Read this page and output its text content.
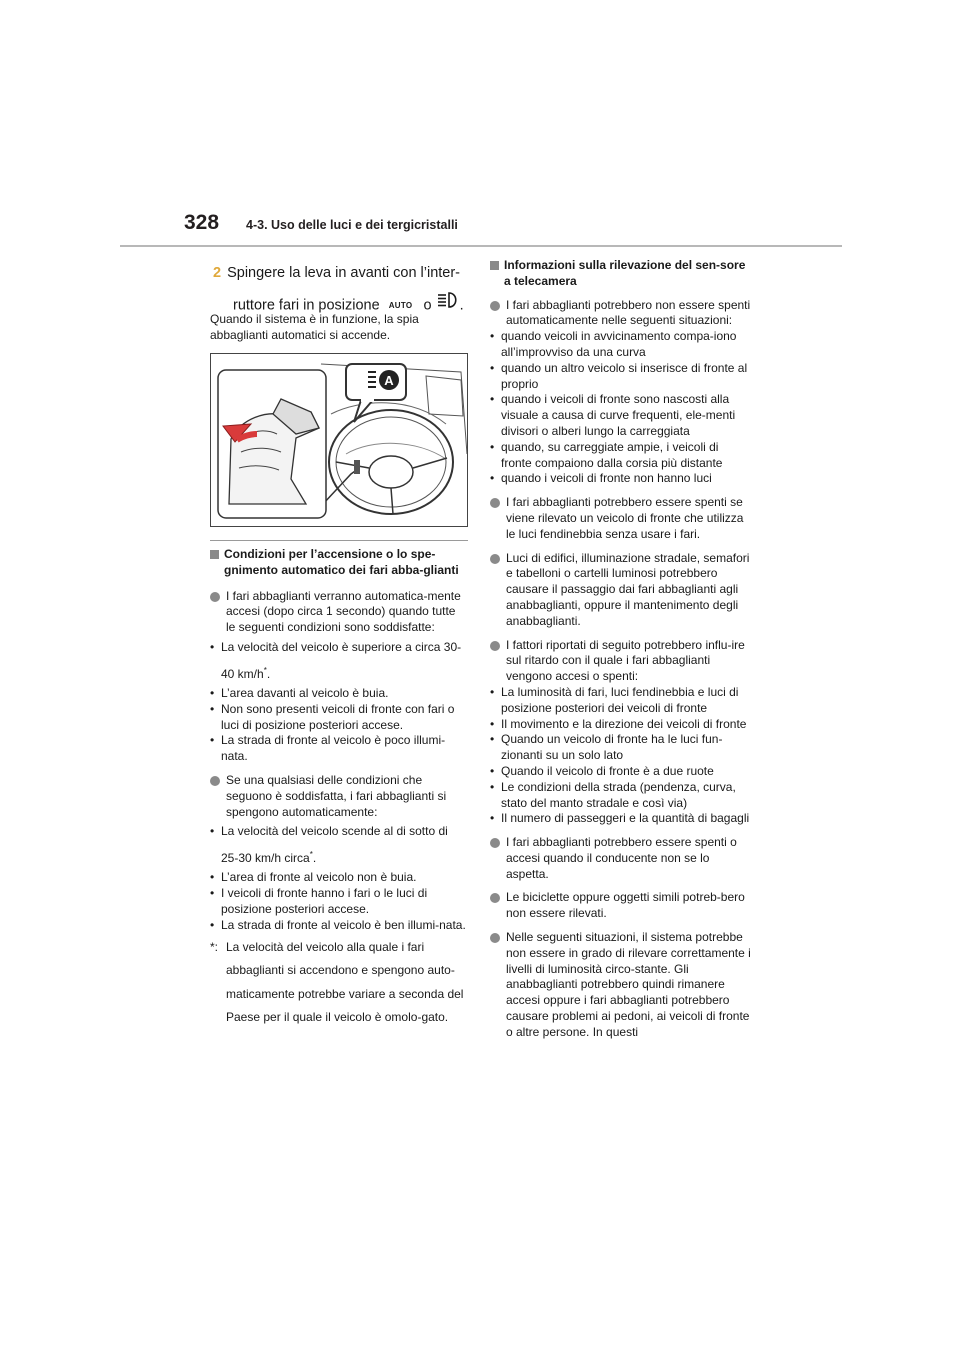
328 4-3. Uso delle luci e dei tergicristalli
2 Spingere la leva in avanti con l’inter-
ruttore fari in posizione AUTO o .
Quando il sistema è in funzione, la spia abbaglianti automatici si accende.
A
Condizioni per l’accensione o lo spe-gnimento automatico dei fari abba-glianti
I fari abbaglianti verranno automatica-mente accesi (dopo circa 1 secondo) quando tutte le seguenti condizioni sono soddisfatte:
• La velocità del veicolo è superiore a circa 30- 40 km/h*.
• L’area davanti al veicolo è buia.
• Non sono presenti veicoli di fronte con fari o luci di posizione posteriori accese.
• La strada di fronte al veicolo è poco illumi-nata.
Se una qualsiasi delle condizioni che seguono è soddisfatta, i fari abbaglianti si spengono automaticamente:
• La velocità del veicolo scende al di sotto di 25-30 km/h circa*.
• L’area di fronte al veicolo non è buia.
• I veicoli di fronte hanno i fari o le luci di posizione posteriori accese.
• La strada di fronte al veicolo è ben illumi-nata.
*: La velocità del veicolo alla quale i fari abbaglianti si accendono e spengono auto-maticamente potrebbe variare a seconda del Paese per il quale il veicolo è omolo-gato.
Informazioni sulla rilevazione del sen-sore a telecamera
I fari abbaglianti potrebbero non essere spenti automaticamente nelle seguenti situazioni:
• quando veicoli in avvicinamento compa-iono all’improvviso da una curva
• quando un altro veicolo si inserisce di fronte al proprio
• quando i veicoli di fronte sono nascosti alla visuale a causa di curve frequenti, ele-menti divisori o alberi lungo la carreggiata
• quando, su carreggiate ampie, i veicoli di fronte compaiono dalla corsia più distante
• quando i veicoli di fronte non hanno luci
I fari abbaglianti potrebbero essere spenti se viene rilevato un veicolo di fronte che utilizza le luci fendinebbia senza usare i fari.
Luci di edifici, illuminazione stradale, semafori e tabelloni o cartelli luminosi potrebbero causare il passaggio dai fari abbaglianti agli anabbaglianti, oppure il mantenimento degli anabbaglianti.
I fattori riportati di seguito potrebbero influ-ire sul ritardo con il quale i fari abbaglianti vengono accesi o spenti:
• La luminosità di fari, luci fendinebbia e luci di posizione posteriori dei veicoli di fronte
• Il movimento e la direzione dei veicoli di fronte
• Quando un veicolo di fronte ha le luci fun-zionanti su un solo lato
• Quando il veicolo di fronte è a due ruote
• Le condizioni della strada (pendenza, curva, stato del manto stradale e così via)
• Il numero di passeggeri e la quantità di bagagli
I fari abbaglianti potrebbero essere spenti o accesi quando il conducente non se lo aspetta.
Le biciclette oppure oggetti simili potreb-bero non essere rilevati.
Nelle seguenti situazioni, il sistema potrebbe non essere in grado di rilevare correttamente i livelli di luminosità circo-stante. Gli anabbaglianti potrebbero quindi rimanere accesi oppure i fari abbaglianti potrebbero causare problemi ai pedoni, ai veicoli di fronte o altre persone. In questi
